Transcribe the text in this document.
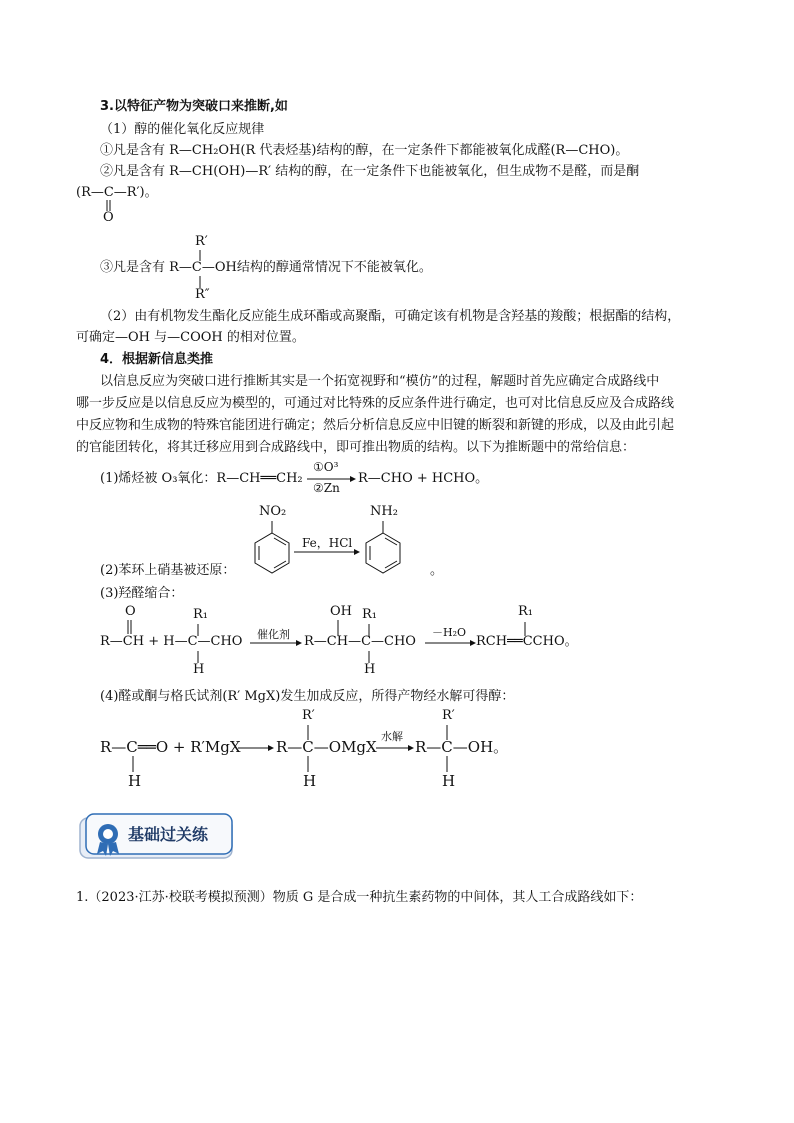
3.以特征产物为突破口来推断,如
（1）醇的催化氧化反应规律
①凡是含有 R—CH₂OH(R 代表烃基)结构的醇，在一定条件下都能被氧化成醛(R—CHO)。
②凡是含有 R—CH(OH)—R′ 结构的醇，在一定条件下也能被氧化，但生成物不是醛，而是酮
(R—C—R′)。
O
R′
③凡是含有 R—C—OH结构的醇通常情况下不能被氧化。
R″
（2）由有机物发生酯化反应能生成环酯或高聚酯，可确定该有机物是含羟基的羧酸；根据酯的结构，
可确定—OH 与—COOH 的相对位置。
4．根据新信息类推
以信息反应为突破口进行推断其实是一个拓宽视野和“模仿”的过程，解题时首先应确定合成路线中
哪一步反应是以信息反应为模型的，可通过对比特殊的反应条件进行确定，也可对比信息反应及合成路线
中反应物和生成物的特殊官能团进行确定；然后分析信息反应中旧键的断裂和新键的形成，以及由此引起
的官能团转化，将其迁移应用到合成路线中，即可推出物质的结构。以下为推断题中的常给信息：
(1)烯烃被 O₃氧化：R—CH══CH₂
①O³
②Zn
R—CHO + HCHO。
(2)苯环上硝基被还原：
NO₂	NH₂
Fe，HCl
。
(3)羟醛缩合：
O	R₁	OH R₁	R₁
R—CH + H—C—CHO 催化剂 R—CH—C—CHO
－H₂O
RCH══CCHO。
H	H
(4)醛或酮与格氏试剂(R′ MgX)发生加成反应，所得产物经水解可得醇：
R′	R′
R—C══O + R′MgX R—C—OMgX
水解
R—C—OH。
H	H	H
基础过关练
1.（2023·江苏·校联考模拟预测）物质 G 是合成一种抗生素药物的中间体，其人工合成路线如下：
